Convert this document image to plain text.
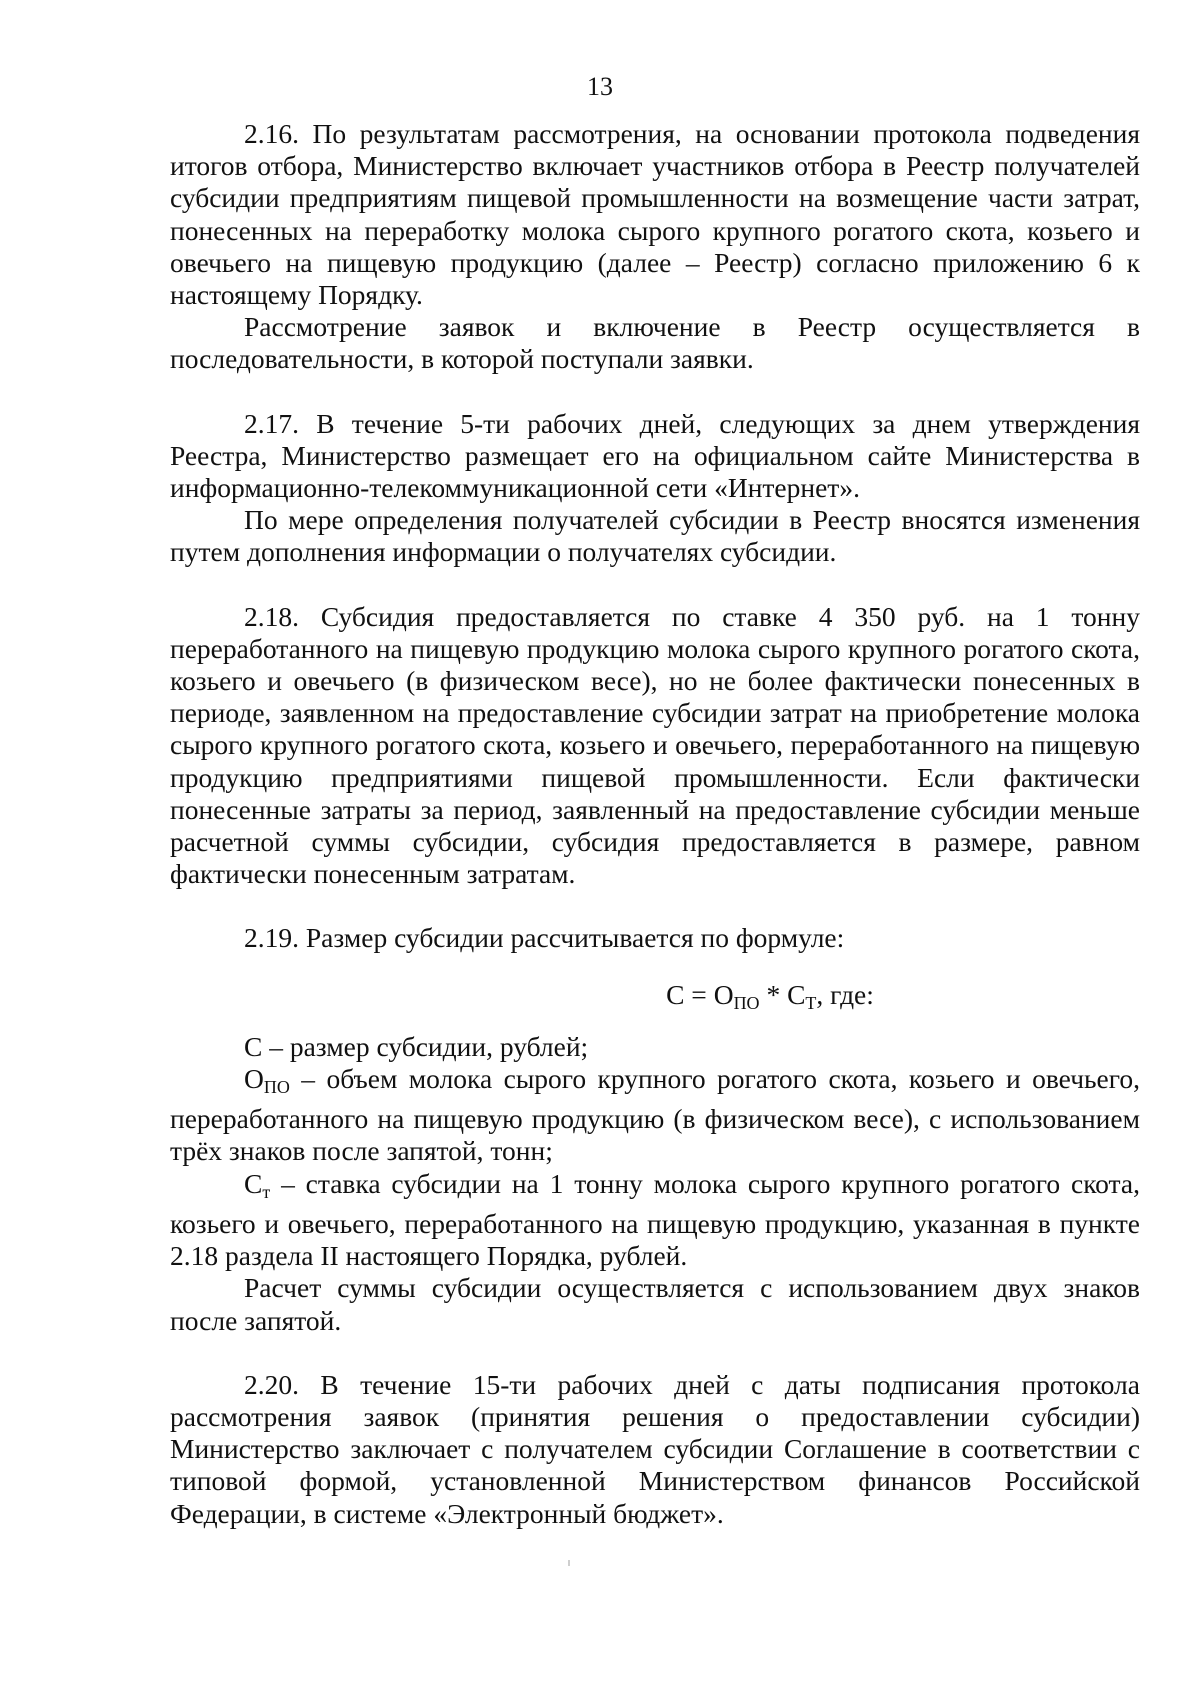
13

2.16. По результатам рассмотрения, на основании протокола подведения итогов отбора, Министерство включает участников отбора в Реестр получателей субсидии предприятиям пищевой промышленности на возмещение части затрат, понесенных на переработку молока сырого крупного рогатого скота, козьего и овечьего на пищевую продукцию (далее – Реестр) согласно приложению 6 к настоящему Порядку.

Рассмотрение заявок и включение в Реестр осуществляется в последовательности, в которой поступали заявки.

2.17. В течение 5-ти рабочих дней, следующих за днем утверждения Реестра, Министерство размещает его на официальном сайте Министерства в информационно-телекоммуникационной сети «Интернет».

По мере определения получателей субсидии в Реестр вносятся изменения путем дополнения информации о получателях субсидии.

2.18. Субсидия предоставляется по ставке 4 350 руб. на 1 тонну переработанного на пищевую продукцию молока сырого крупного рогатого скота, козьего и овечьего (в физическом весе), но не более фактически понесенных в периоде, заявленном на предоставление субсидии затрат на приобретение молока сырого крупного рогатого скота, козьего и овечьего, переработанного на пищевую продукцию предприятиями пищевой промышленности. Если фактически понесенные затраты за период, заявленный на предоставление субсидии меньше расчетной суммы субсидии, субсидия предоставляется в размере, равном фактически понесенным затратам.

2.19. Размер субсидии рассчитывается по формуле:

$С = О_{ПО} * С_Т$, где:

С – размер субсидии, рублей;

$О_{ПО}$ – объем молока сырого крупного рогатого скота, козьего и овечьего, переработанного на пищевую продукцию (в физическом весе), с использованием трёх знаков после запятой, тонн;

$С_т$ – ставка субсидии на 1 тонну молока сырого крупного рогатого скота, козьего и овечьего, переработанного на пищевую продукцию, указанная в пункте 2.18 раздела II настоящего Порядка, рублей.

Расчет суммы субсидии осуществляется с использованием двух знаков после запятой.

2.20. В течение 15-ти рабочих дней с даты подписания протокола рассмотрения заявок (принятия решения о предоставлении субсидии) Министерство заключает с получателем субсидии Соглашение в соответствии с типовой формой, установленной Министерством финансов Российской Федерации, в системе «Электронный бюджет».
